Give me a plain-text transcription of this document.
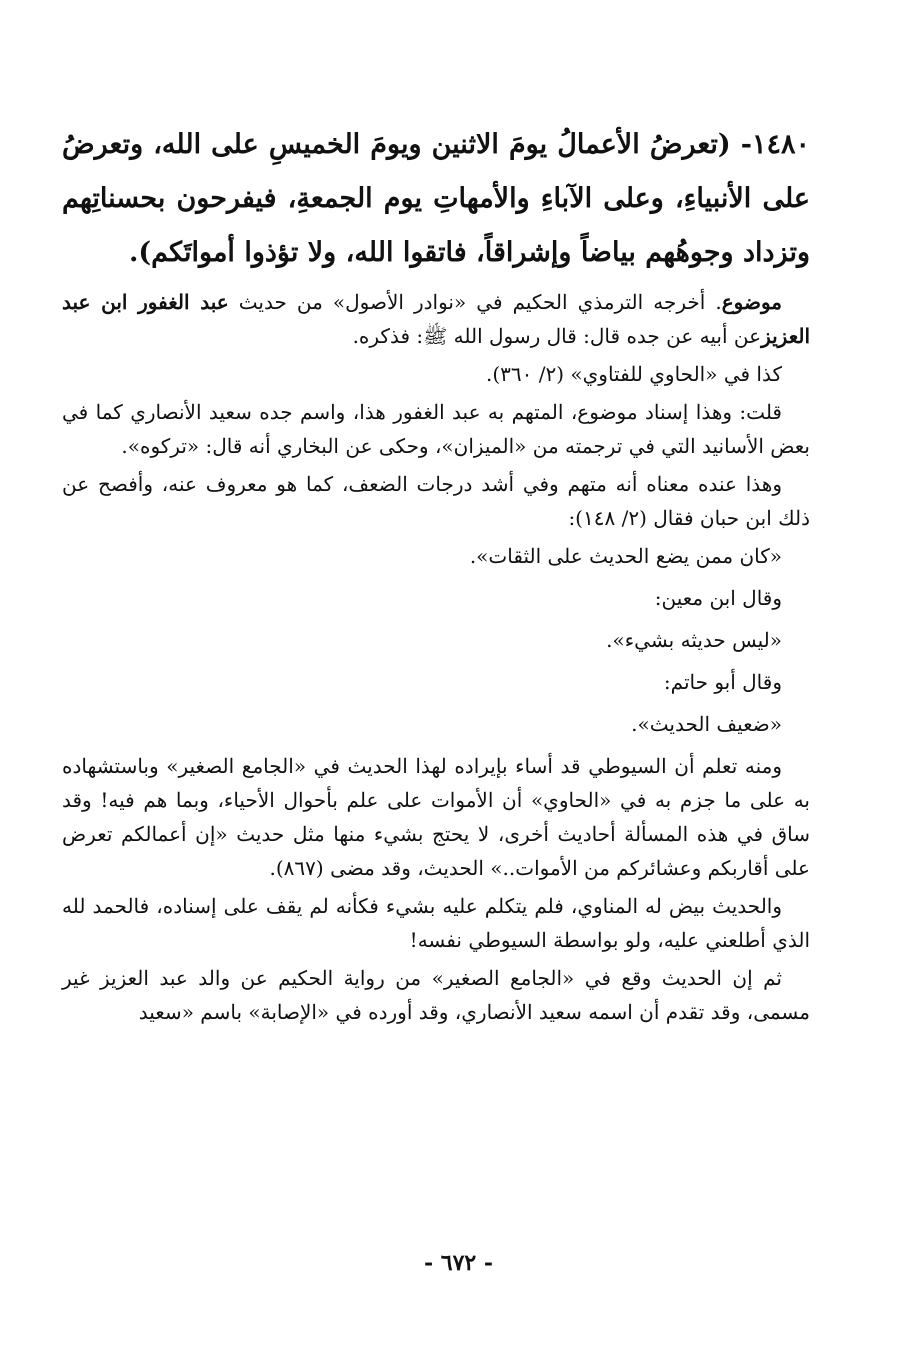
١٤٨٠- (تعرضُ الأعمالُ يومَ الاثنين ويومَ الخميسِ على الله، وتعرضُ على الأنبياءِ، وعلى الآباءِ والأمهاتِ يوم الجمعةِ، فيفرحون بحسناتِهم وتزداد وجوهُهم بياضاً وإشراقاً، فاتقوا الله، ولا تؤذوا أمواتَكم).

موضوع. أخرجه الترمذي الحكيم في «نوادر الأصول» من حديث عبد الغفور ابن عبد العزيزعن أبيه عن جده قال: قال رسول الله ﷺ: فذكره.

كذا في «الحاوي للفتاوي» (٢/ ٣٦٠).

قلت: وهذا إسناد موضوع، المتهم به عبد الغفور هذا، واسم جده سعيد الأنصاري كما في بعض الأسانيد التي في ترجمته من «الميزان»، وحكى عن البخاري أنه قال: «تركوه».

وهذا عنده معناه أنه متهم وفي أشد درجات الضعف، كما هو معروف عنه، وأفصح عن ذلك ابن حبان فقال (٢/ ١٤٨):

«كان ممن يضع الحديث على الثقات».

وقال ابن معين:

«ليس حديثه بشيء».

وقال أبو حاتم:

«ضعيف الحديث».

ومنه تعلم أن السيوطي قد أساء بإيراده لهذا الحديث في «الجامع الصغير» وباستشهاده به على ما جزم به في «الحاوي» أن الأموات على علم بأحوال الأحياء، وبما هم فيه! وقد ساق في هذه المسألة أحاديث أخرى، لا يحتج بشيء منها مثل حديث «إن أعمالكم تعرض على أقاربكم وعشائركم من الأموات..» الحديث، وقد مضى (٨٦٧).

والحديث بيض له المناوي، فلم يتكلم عليه بشيء فكأنه لم يقف على إسناده، فالحمد لله الذي أطلعني عليه، ولو بواسطة السيوطي نفسه!

ثم إن الحديث وقع في «الجامع الصغير» من رواية الحكيم عن والد عبد العزيز غير مسمى، وقد تقدم أن اسمه سعيد الأنصاري، وقد أورده في «الإصابة» باسم «سعيد

- ٦٧٢ -
